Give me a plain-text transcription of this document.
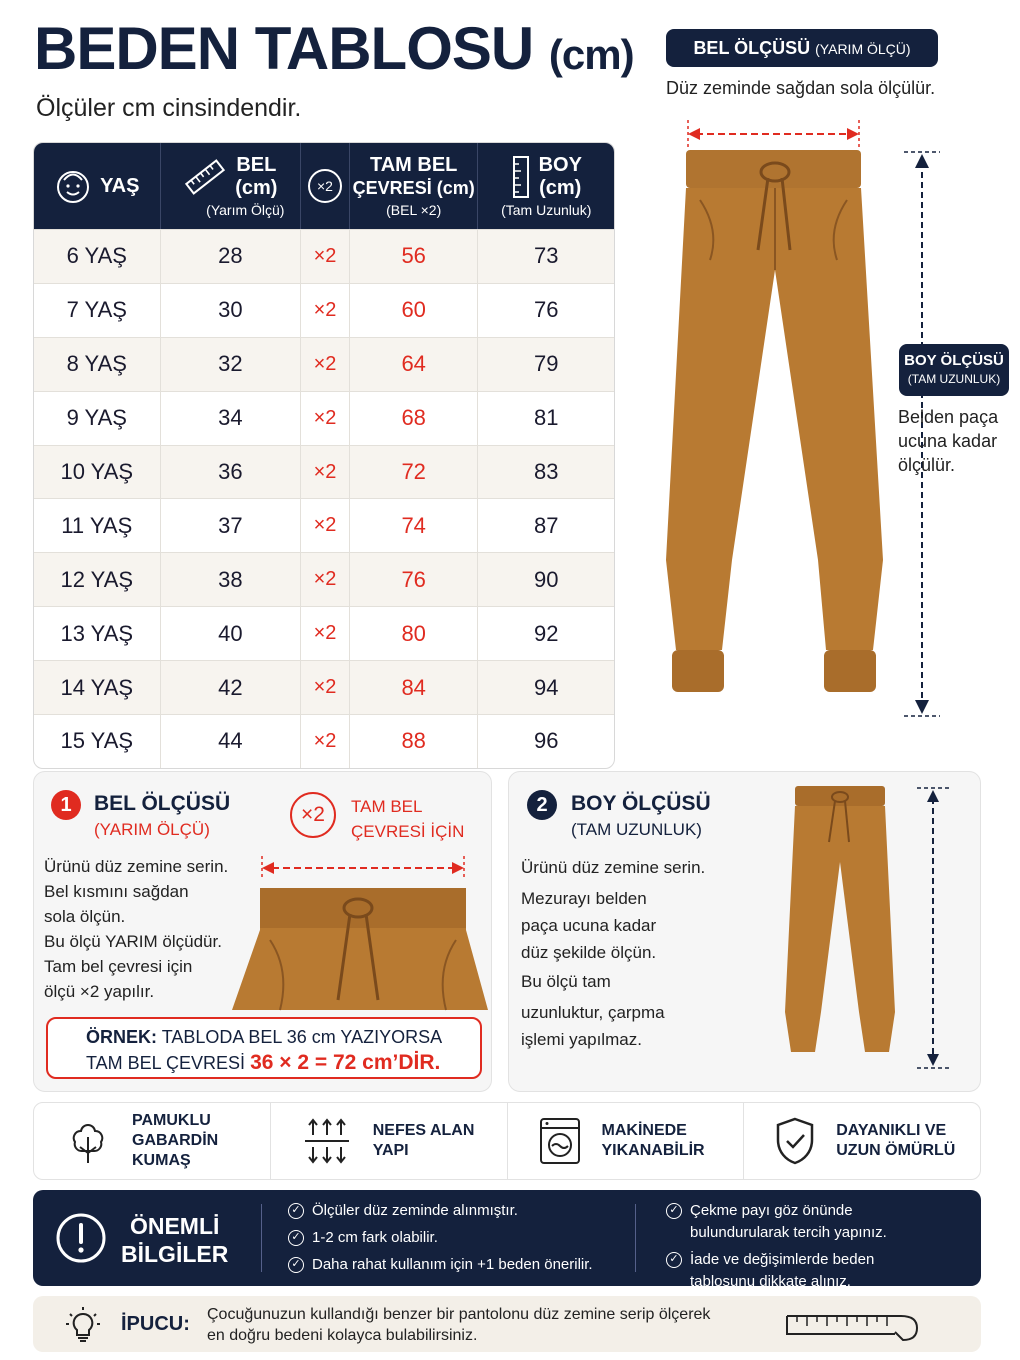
BEDEN TABLOSU (cm)
Ölçüler cm cinsindendir.
YAŞ
BEL
(cm)
(Yarım Ölçü)
×2
TAM BEL
ÇEVRESİ (cm)
(BEL ×2)
BOY
(cm)
(Tam Uzunluk)
6 YAŞ	28	×2	56	73
7 YAŞ	30	×2	60	76
8 YAŞ	32	×2	64	79
9 YAŞ	34	×2	68	81
10 YAŞ	36	×2	72	83
11 YAŞ	37	×2	74	87
12 YAŞ	38	×2	76	90
13 YAŞ	40	×2	80	92
14 YAŞ	42	×2	84	94
15 YAŞ	44	×2	88	96
BEL ÖLÇÜSÜ (YARIM ÖLÇÜ)
Düz zeminde sağdan sola ölçülür.
BOY ÖLÇÜSÜ
(TAM UZUNLUK)
Belden paça ucuna kadar ölçülür.
1	BEL ÖLÇÜSÜ
(YARIM ÖLÇÜ)
×2	TAM BEL
ÇEVRESİ İÇİN
Ürünü düz zemine serin.
Bel kısmını sağdan
sola ölçün.
Bu ölçü YARIM ölçüdür.
Tam bel çevresi için
ölçü ×2 yapılır.
ÖRNEK: TABLODA BEL 36 cm YAZIYORSA
TAM BEL ÇEVRESİ 36 × 2 = 72 cm’DİR.
2	BOY ÖLÇÜSÜ
(TAM UZUNLUK)
Ürünü düz zemine serin.
Mezurayı belden
paça ucuna kadar
düz şekilde ölçün.
Bu ölçü tam
uzunluktur, çarpma
işlemi yapılmaz.
PAMUKLU
GABARDİN
KUMAŞ
NEFES ALAN
YAPI
MAKİNEDE
YIKANABİLİR
DAYANIKLI VE
UZUN ÖMÜRLÜ
ÖNEMLİ
BİLGİLER
✓ Ölçüler düz zeminde alınmıştır.
✓ 1-2 cm fark olabilir.
✓ Daha rahat kullanım için +1 beden önerilir.
✓ Çekme payı göz önünde bulundurularak tercih yapınız.
✓ İade ve değişimlerde beden tablosunu dikkate alınız.
İPUCU: Çocuğunuzun kullandığı benzer bir pantolonu düz zemine serip ölçerek
en doğru bedeni kolayca bulabilirsiniz.
